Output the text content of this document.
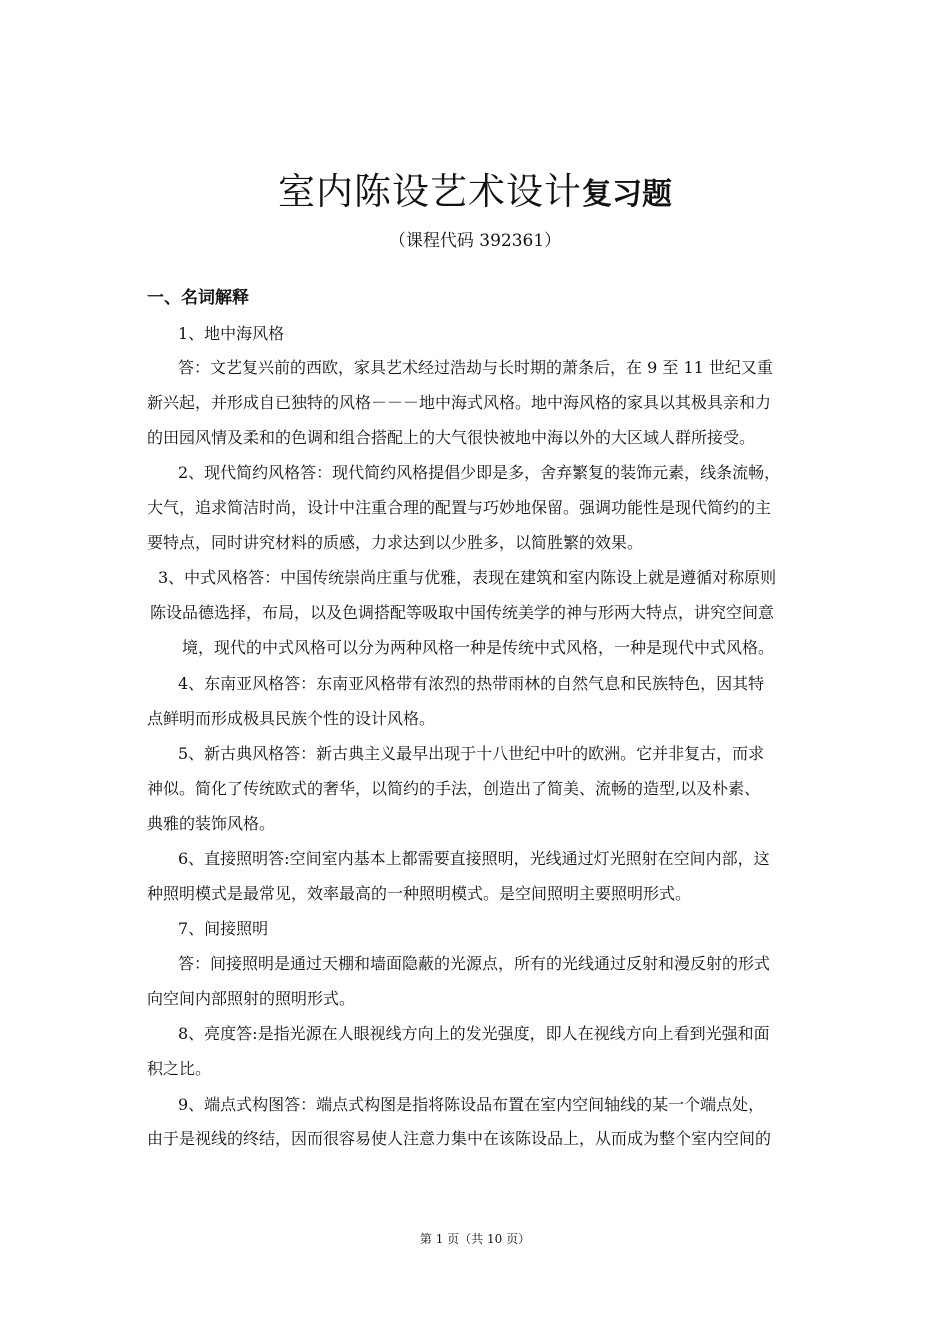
室内陈设艺术设计复习题
（课程代码 392361）
一、名词解释
1、地中海风格
答：文艺复兴前的西欧，家具艺术经过浩劫与长时期的萧条后，在 9 至 11 世纪又重
新兴起，并形成自已独特的风格－－－地中海式风格。地中海风格的家具以其极具亲和力
的田园风情及柔和的色调和组合搭配上的大气很快被地中海以外的大区域人群所接受。
2、现代简约风格答：现代简约风格提倡少即是多，舍弃繁复的装饰元素，线条流畅，
大气，追求简洁时尚，设计中注重合理的配置与巧妙地保留。强调功能性是现代简约的主
要特点，同时讲究材料的质感，力求达到以少胜多，以简胜繁的效果。
3、中式风格答：中国传统崇尚庄重与优雅，表现在建筑和室内陈设上就是遵循对称原则
陈设品德选择，布局，以及色调搭配等吸取中国传统美学的神与形两大特点，讲究空间意
境，现代的中式风格可以分为两种风格一种是传统中式风格，一种是现代中式风格。
4、东南亚风格答：东南亚风格带有浓烈的热带雨林的自然气息和民族特色，因其特
点鲜明而形成极具民族个性的设计风格。
5、新古典风格答：新古典主义最早出现于十八世纪中叶的欧洲。它并非复古，而求
神似。简化了传统欧式的奢华，以简约的手法，创造出了简美、流畅的造型,以及朴素、
典雅的装饰风格。
6、直接照明答:空间室内基本上都需要直接照明，光线通过灯光照射在空间内部，这
种照明模式是最常见，效率最高的一种照明模式。是空间照明主要照明形式。
7、间接照明
答：间接照明是通过天棚和墙面隐蔽的光源点，所有的光线通过反射和漫反射的形式
向空间内部照射的照明形式。
8、亮度答:是指光源在人眼视线方向上的发光强度，即人在视线方向上看到光强和面
积之比。
9、端点式构图答：端点式构图是指将陈设品布置在室内空间轴线的某一个端点处，
由于是视线的终结，因而很容易使人注意力集中在该陈设品上，从而成为整个室内空间的
第 1 页（共 10 页）
